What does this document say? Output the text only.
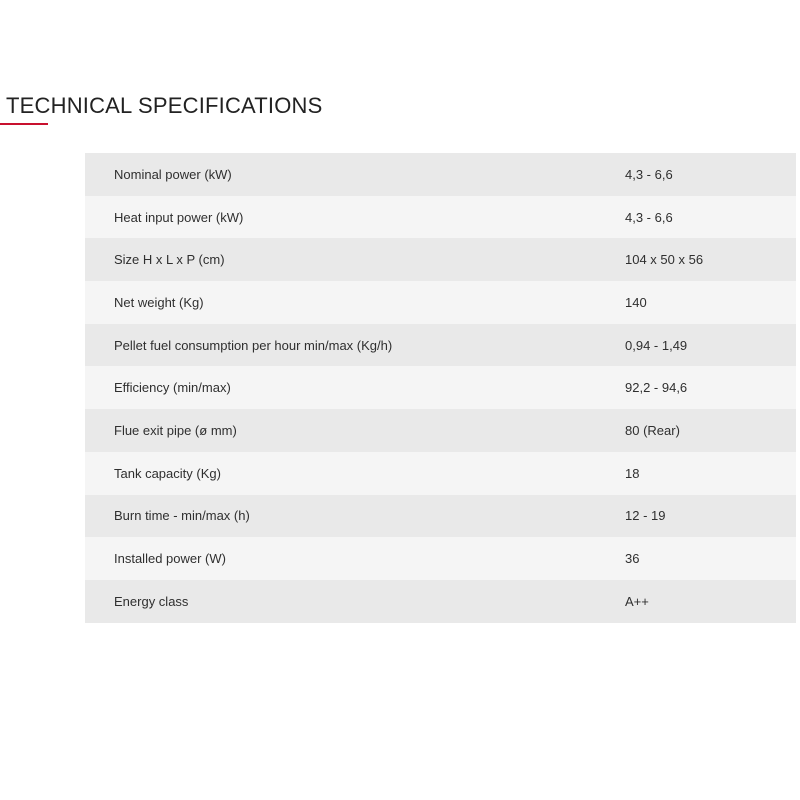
TECHNICAL SPECIFICATIONS
Nominal power (kW)	4,3 - 6,6
Heat input power (kW)	4,3 - 6,6
Size H x L x P (cm)	104 x 50 x 56
Net weight (Kg)	140
Pellet fuel consumption per hour min/max (Kg/h)	0,94 - 1,49
Efficiency (min/max)	92,2 - 94,6
Flue exit pipe (ø mm)	80 (Rear)
Tank capacity (Kg)	18
Burn time - min/max (h)	12 - 19
Installed power (W)	36
Energy class	A++
